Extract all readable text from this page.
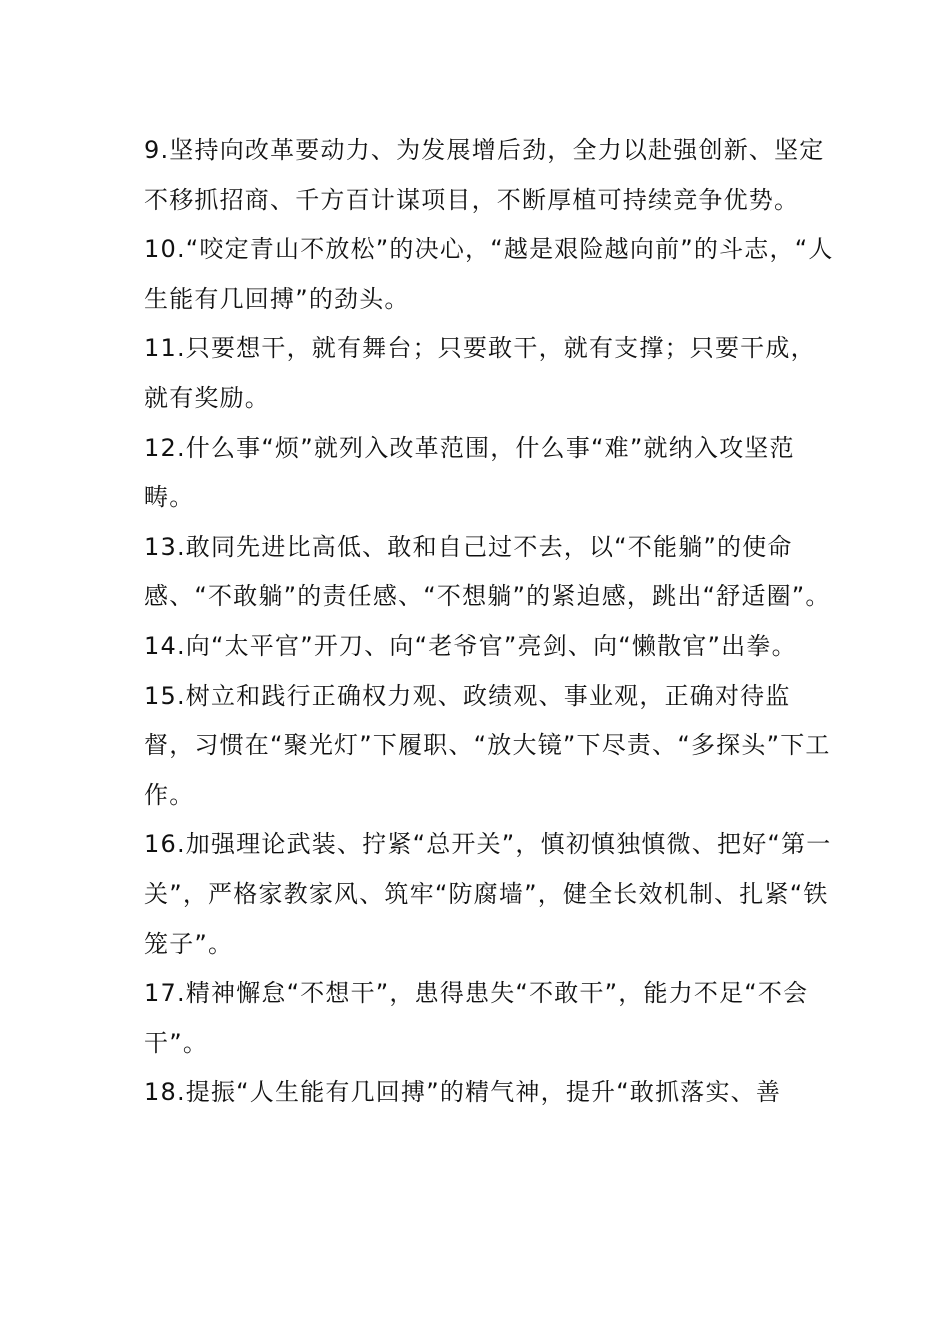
9.坚持向改革要动力、为发展增后劲，全力以赴强创新、坚定不移抓招商、千方百计谋项目，不断厚植可持续竞争优势。

10.“咬定青山不放松”的决心，“越是艰险越向前”的斗志，“人生能有几回搏”的劲头。

11.只要想干，就有舞台；只要敢干，就有支撑；只要干成，就有奖励。

12.什么事“烦”就列入改革范围，什么事“难”就纳入攻坚范畴。

13.敢同先进比高低、敢和自己过不去，以“不能躺”的使命感、“不敢躺”的责任感、“不想躺”的紧迫感，跳出“舒适圈”。

14.向“太平官”开刀、向“老爷官”亮剑、向“懒散官”出拳。

15.树立和践行正确权力观、政绩观、事业观，正确对待监督，习惯在“聚光灯”下履职、“放大镜”下尽责、“多探头”下工作。

16.加强理论武装、拧紧“总开关”，慎初慎独慎微、把好“第一关”，严格家教家风、筑牢“防腐墙”，健全长效机制、扎紧“铁笼子”。

17.精神懈怠“不想干”，患得患失“不敢干”，能力不足“不会干”。

18.提振“人生能有几回搏”的精气神，提升“敢抓落实、善
